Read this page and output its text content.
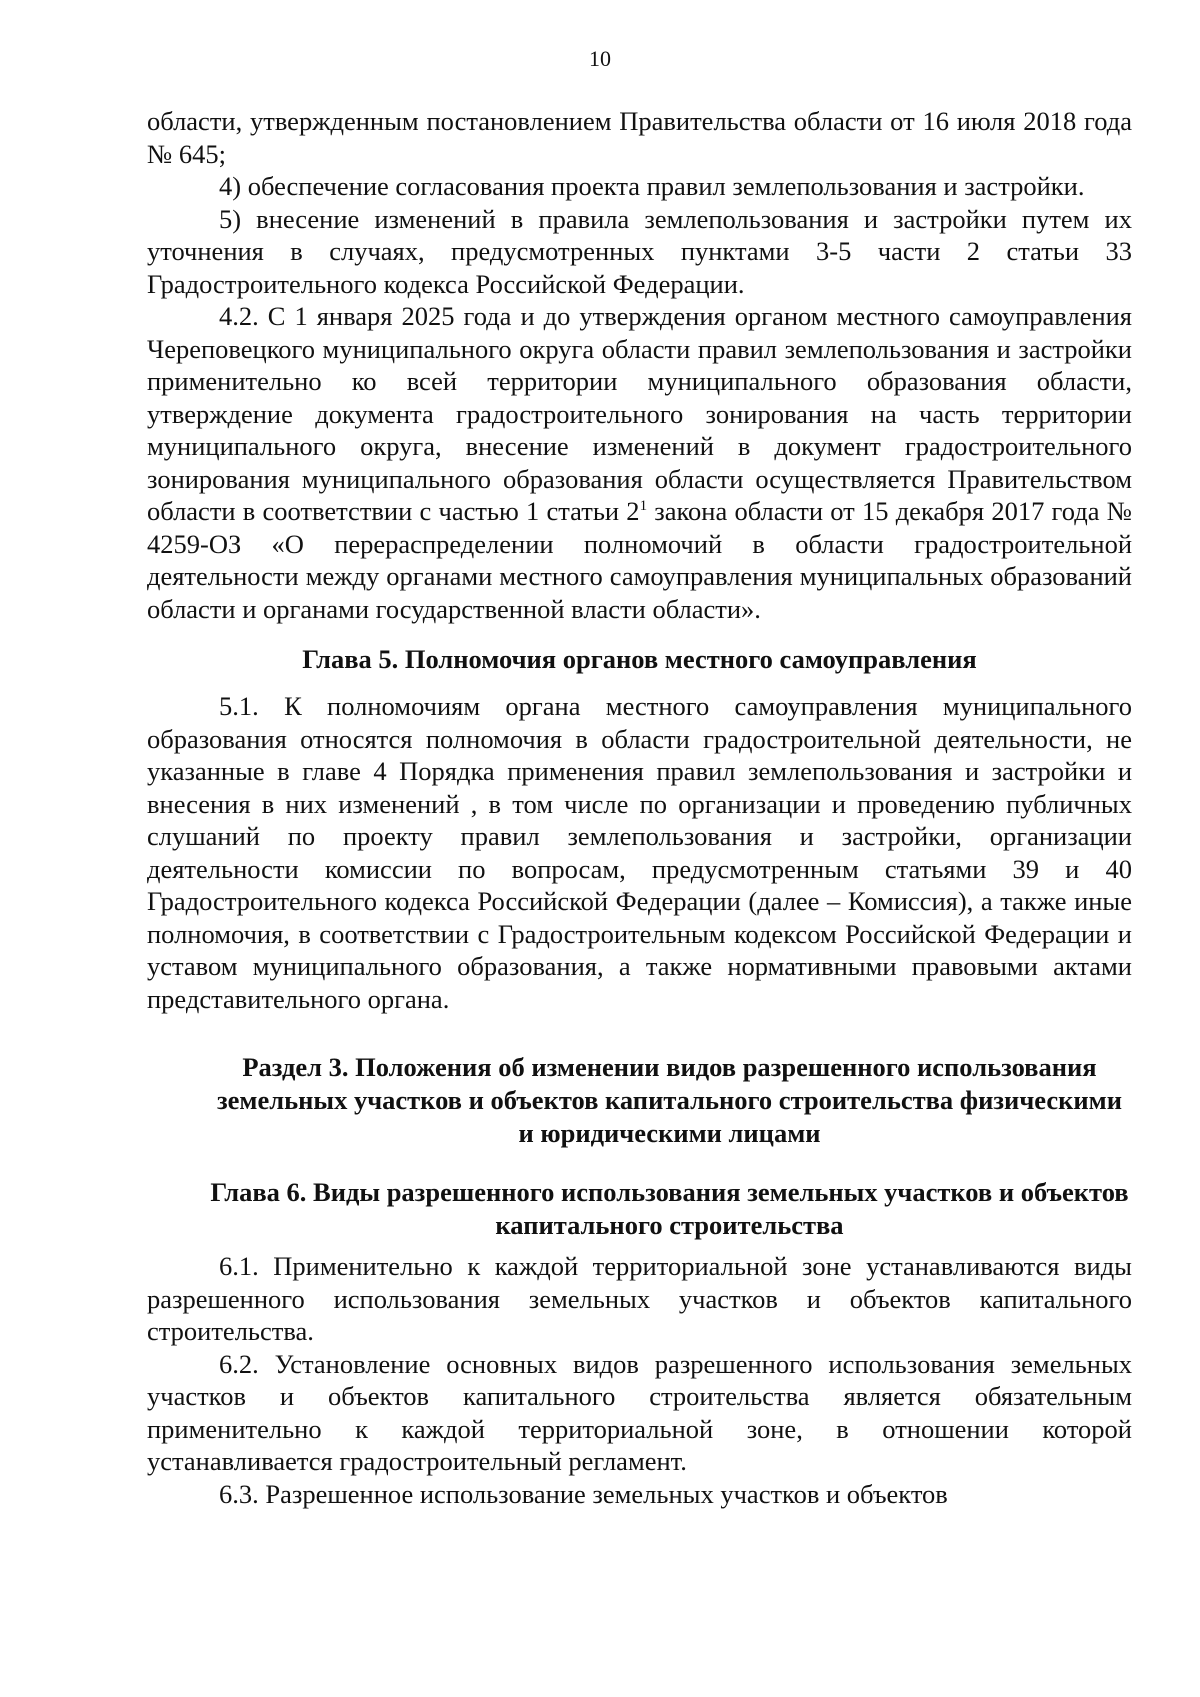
10

области, утвержденным постановлением Правительства области от 16 июля 2018 года № 645;

4) обеспечение согласования проекта правил землепользования и застройки.

5) внесение изменений в правила землепользования и застройки путем их уточнения в случаях, предусмотренных пунктами 3-5 части 2 статьи 33 Градостроительного кодекса Российской Федерации.

4.2. С 1 января 2025 года и до утверждения органом местного самоуправления Череповецкого муниципального округа области правил землепользования и застройки применительно ко всей территории муниципального образования области, утверждение документа градостроительного зонирования на часть территории муниципального округа, внесение изменений в документ градостроительного зонирования муниципального образования области осуществляется Правительством области в соответствии с частью 1 статьи $2^1$ закона области от 15 декабря 2017 года № 4259-ОЗ «О перераспределении полномочий в области градостроительной деятельности между органами местного самоуправления муниципальных образований области и органами государственной власти области».

Глава 5. Полномочия органов местного самоуправления

5.1. К полномочиям органа местного самоуправления муниципального образования относятся полномочия в области градостроительной деятельности, не указанные в главе 4 Порядка применения правил землепользования и застройки и внесения в них изменений , в том числе по организации и проведению публичных слушаний по проекту правил землепользования и застройки, организации деятельности комиссии по вопросам, предусмотренным статьями 39 и 40 Градостроительного кодекса Российской Федерации (далее – Комиссия), а также иные полномочия, в соответствии с Градостроительным кодексом Российской Федерации и уставом муниципального образования, а также нормативными правовыми актами представительного органа.

Раздел 3. Положения об изменении видов разрешенного использования земельных участков и объектов капитального строительства физическими и юридическими лицами
Глава 6. Виды разрешенного использования земельных участков и объектов капитального строительства

6.1. Применительно к каждой территориальной зоне устанавливаются виды разрешенного использования земельных участков и объектов капитального строительства.

6.2. Установление основных видов разрешенного использования земельных участков и объектов капитального строительства является обязательным применительно к каждой территориальной зоне, в отношении которой устанавливается градостроительный регламент.

6.3. Разрешенное использование земельных участков и объектов
